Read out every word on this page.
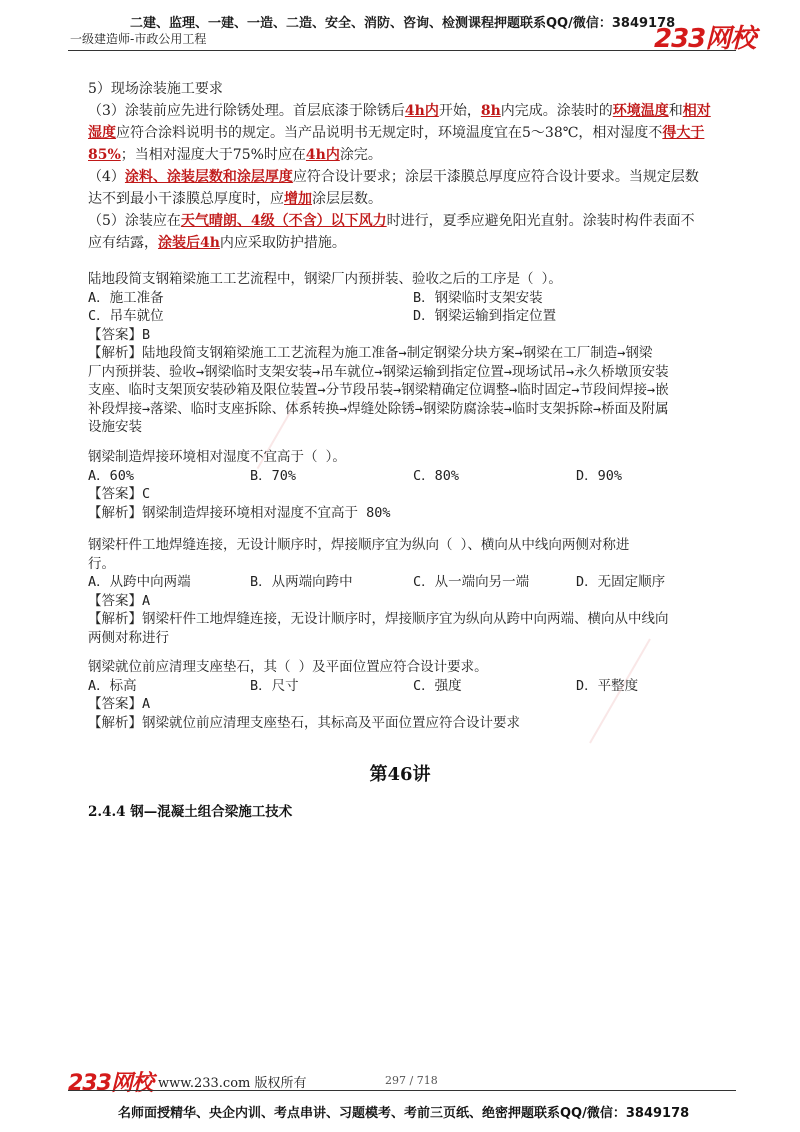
二建、监理、一建、一造、二造、安全、消防、咨询、检测课程押题联系QQ/微信：3849178
一级建造师-市政公用工程	233网校
5）现场涂装施工要求
（3）涂装前应先进行除锈处理。首层底漆于除锈后4h内开始，8h内完成。涂装时的环境温度和相对
湿度应符合涂料说明书的规定。当产品说明书无规定时，环境温度宜在5～38℃，相对湿度不得大于
85%；当相对湿度大于75%时应在4h内涂完。
（4）涂料、涂装层数和涂层厚度应符合设计要求；涂层干漆膜总厚度应符合设计要求。当规定层数
达不到最小干漆膜总厚度时，应增加涂层层数。
（5）涂装应在天气晴朗、4级（不含）以下风力时进行，夏季应避免阳光直射。涂装时构件表面不
应有结露，涂装后4h内应采取防护措施。
陆地段简支钢箱梁施工工艺流程中，钢梁厂内预拼装、验收之后的工序是（ ）。
A．施工准备	B．钢梁临时支架安装
C．吊车就位	D．钢梁运输到指定位置
【答案】B
【解析】陆地段简支钢箱梁施工工艺流程为施工准备→制定钢梁分块方案→钢梁在工厂制造→钢梁
厂内预拼装、验收→钢梁临时支架安装→吊车就位→钢梁运输到指定位置→现场试吊→永久桥墩顶安装
支座、临时支架顶安装砂箱及限位装置→分节段吊装→钢梁精确定位调整→临时固定→节段间焊接→嵌
补段焊接→落梁、临时支座拆除、体系转换→焊缝处除锈→钢梁防腐涂装→临时支架拆除→桥面及附属
设施安装
钢梁制造焊接环境相对湿度不宜高于（ ）。
A．60%	B．70%	C．80%	D．90%
【答案】C
【解析】钢梁制造焊接环境相对湿度不宜高于 80%
钢梁杆件工地焊缝连接，无设计顺序时，焊接顺序宜为纵向（ ）、横向从中线向两侧对称进
行。
A．从跨中向两端	B．从两端向跨中	C．从一端向另一端	D．无固定顺序
【答案】A
【解析】钢梁杆件工地焊缝连接，无设计顺序时，焊接顺序宜为纵向从跨中向两端、横向从中线向
两侧对称进行
钢梁就位前应清理支座垫石，其（ ）及平面位置应符合设计要求。
A．标高	B．尺寸	C．强度	D．平整度
【答案】A
【解析】钢梁就位前应清理支座垫石，其标高及平面位置应符合设计要求
第46讲
2.4.4 钢—混凝土组合梁施工技术
233网校 www.233.com 版权所有	297 / 718
名师面授精华、央企内训、考点串讲、习题模考、考前三页纸、绝密押题联系QQ/微信：3849178
